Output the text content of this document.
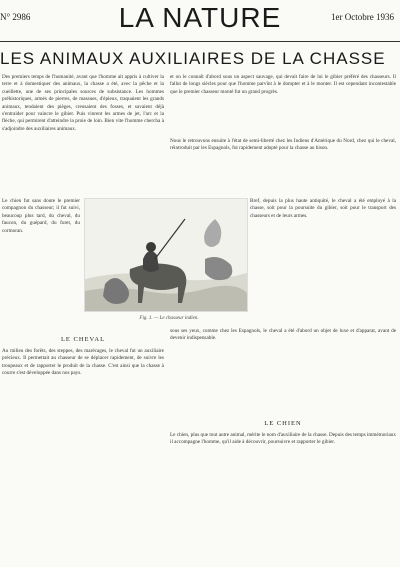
N° 2986	LA NATURE	1er Octobre 1936
LES ANIMAUX AUXILIAIRES DE LA CHASSE

Des premiers temps de l'humanité, avant que l'homme ait appris à cultiver la terre et à domestiquer des animaux, la chasse a été, avec la pêche et la cueillette, une de ses principales sources de subsistance. Les hommes préhistoriques, armés de pierres, de massues, d'épieux, traquaient les grands animaux, tendaient des pièges, creusaient des fosses, et savaient déjà s'entraider pour vaincre le gibier. Puis vinrent les armes de jet, l'arc et la flèche, qui permirent d'atteindre la proie de loin. Bien vite l'homme chercha à s'adjoindre des auxiliaires animaux.

Le chien fut sans doute le premier compagnon du chasseur; il fut suivi, beaucoup plus tard, du cheval, du faucon, du guépard, du furet, du cormoran.

et on le connaît d'abord sous un aspect sauvage, qui devait faire de lui le gibier préféré des chasseurs. Il fallut de longs siècles pour que l'homme parvînt à le dompter et à le monter. Il est cependant incontestable que le premier chasseur monté fut un grand progrès.

Nous le retrouvons ensuite à l'état de semi-liberté chez les Indiens d'Amérique du Nord, chez qui le cheval, réintroduit par les Espagnols, fut rapidement adopté pour la chasse au bison.

Bref, depuis la plus haute antiquité, le cheval a été employé à la chasse, soit pour la poursuite du gibier, soit pour le transport des chasseurs et de leurs armes.

Fig. 1. — Le chasseur indien.

sous ses yeux, comme chez les Espagnols, le cheval a été d'abord un objet de luxe et d'apparat, avant de devenir indispensable.

LE CHEVAL

Au milieu des forêts, des steppes, des marécages, le cheval fut un auxiliaire précieux. Il permettait au chasseur de se déplacer rapidement, de suivre les troupeaux et de rapporter le produit de la chasse. C'est ainsi que la chasse à courre s'est développée dans nos pays.

LE CHIEN

Le chien, plus que tout autre animal, mérite le nom d'auxiliaire de la chasse. Depuis des temps immémoriaux il accompagne l'homme, qu'il aide à découvrir, poursuivre et rapporter le gibier.
